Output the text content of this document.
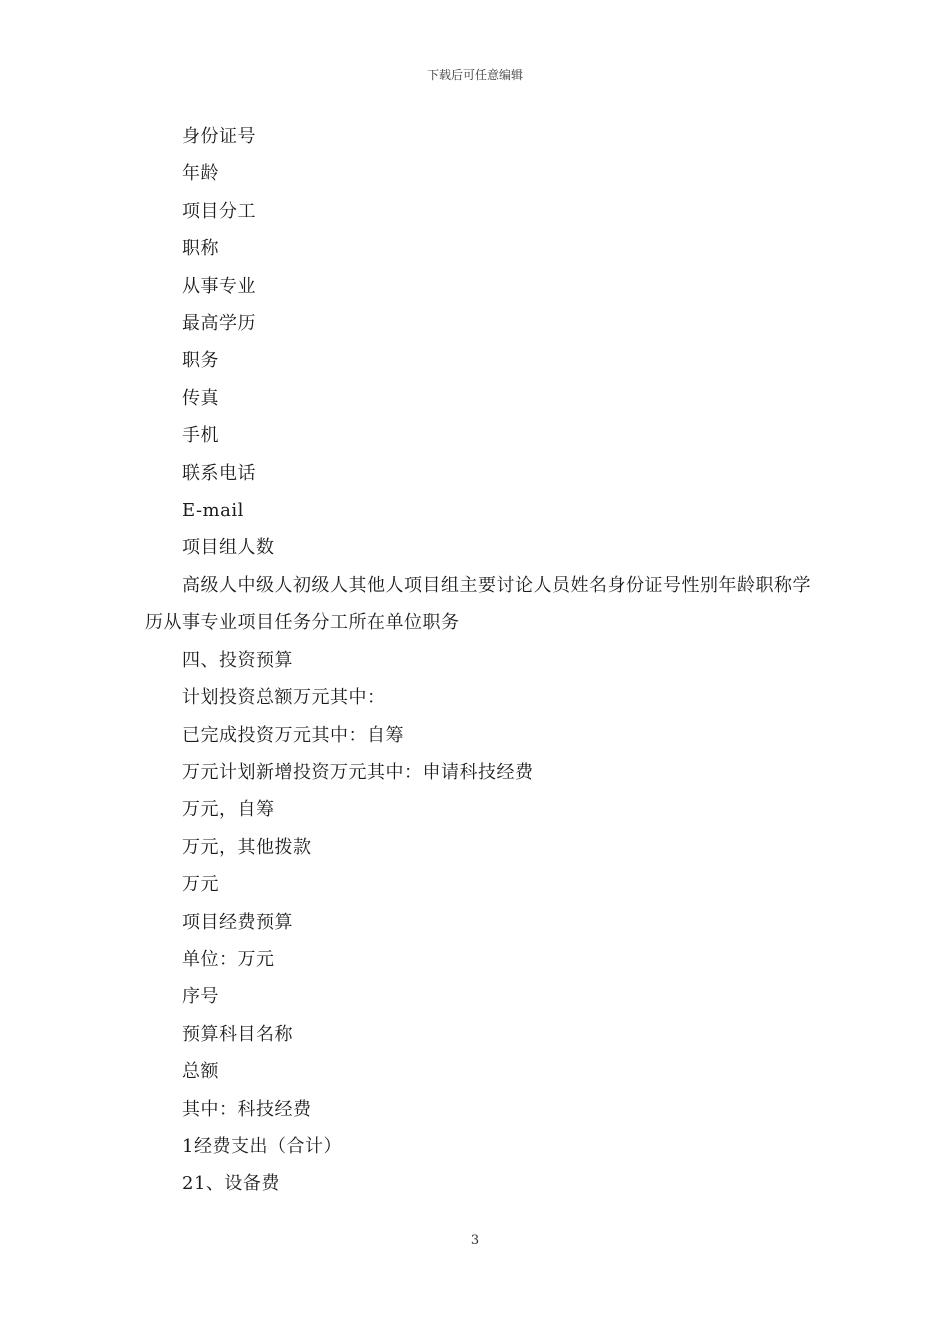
下载后可任意编辑

身份证号

年龄

项目分工

职称

从事专业

最高学历

职务

传真

手机

联系电话

E-mail

项目组人数

高级人中级人初级人其他人项目组主要讨论人员姓名身份证号性别年龄职称学历从事专业项目任务分工所在单位职务

四、投资预算

计划投资总额万元其中：

已完成投资万元其中：自筹

万元计划新增投资万元其中：申请科技经费

万元，自筹

万元，其他拨款

万元

项目经费预算

单位：万元

序号

预算科目名称

总额

其中：科技经费

1经费支出（合计）

21、设备费

3
